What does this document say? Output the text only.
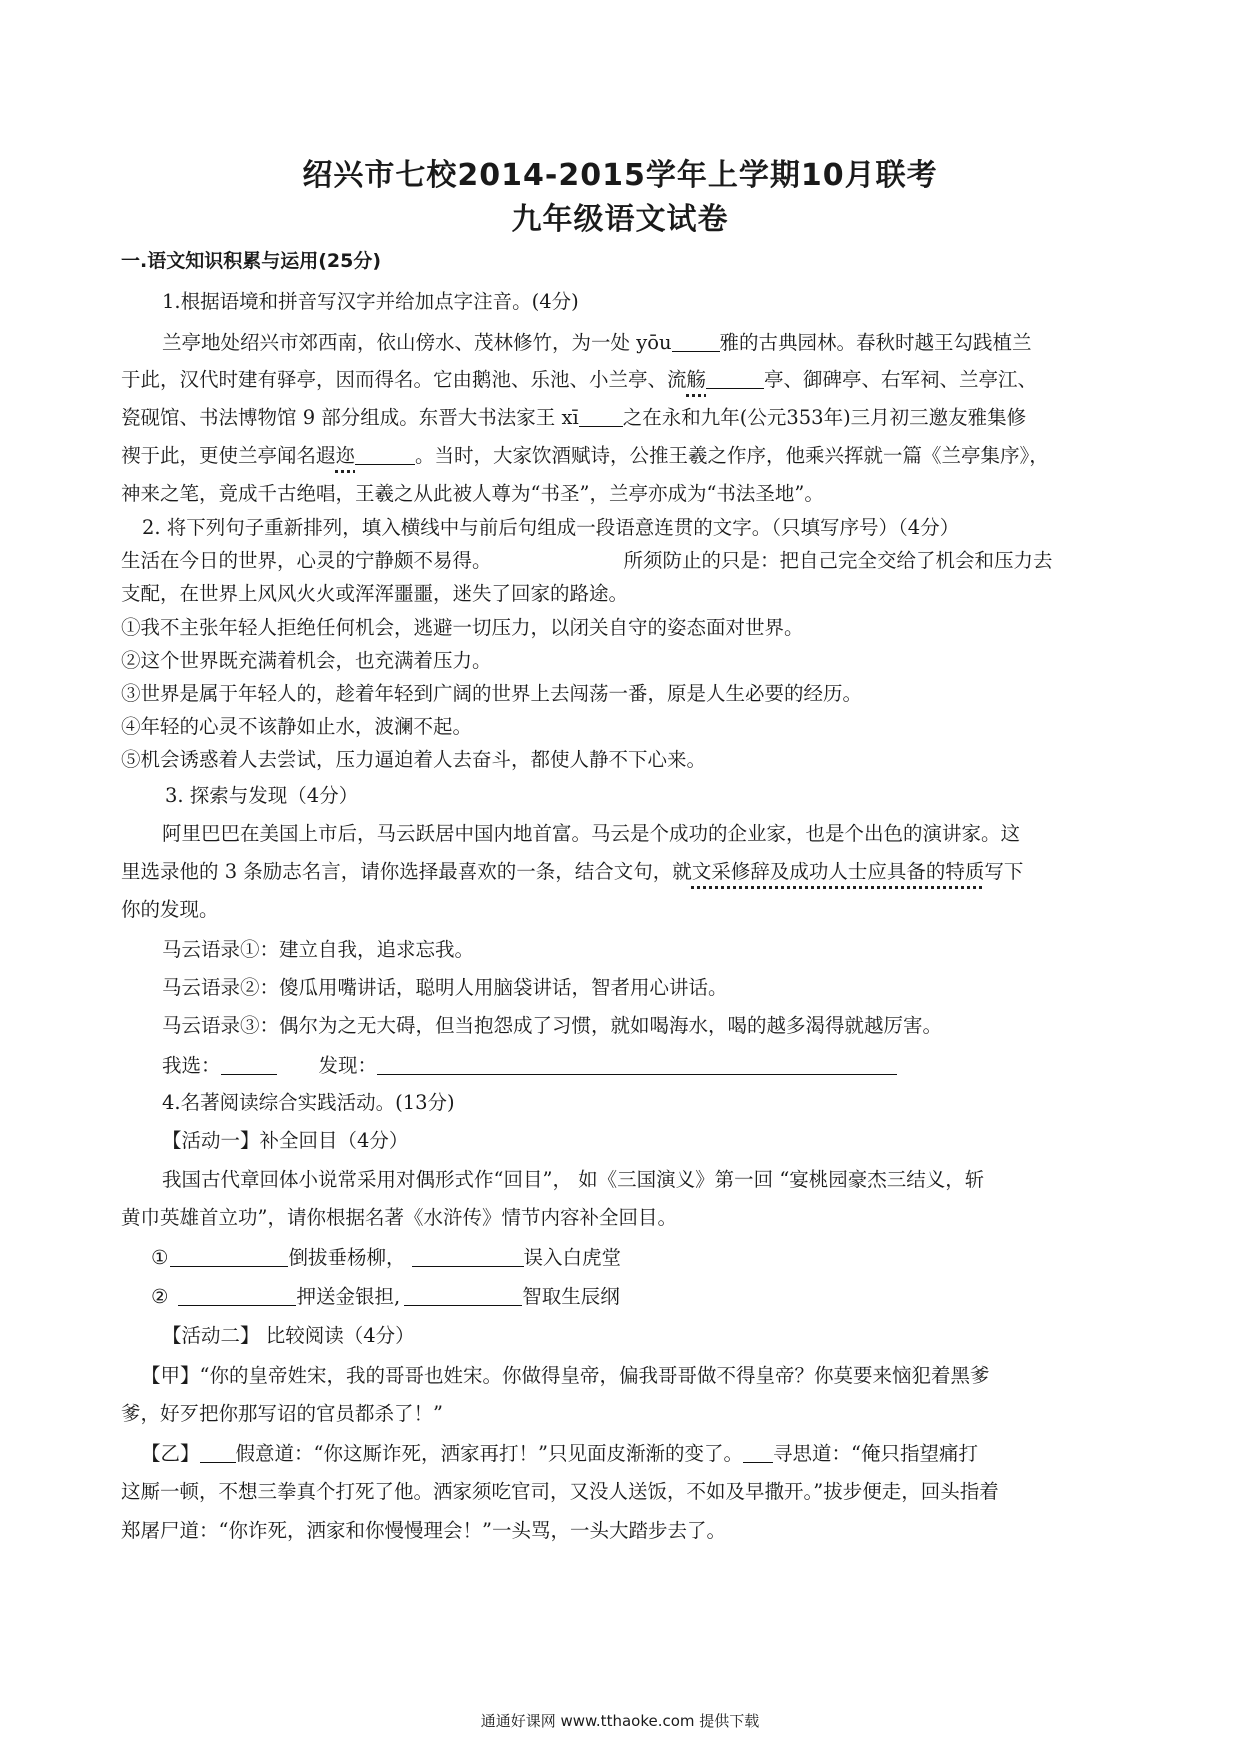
绍兴市七校2014-2015学年上学期10月联考
九年级语文试卷
一.语文知识积累与运用(25分)
1.根据语境和拼音写汉字并给加点字注音。(4分)
兰亭地处绍兴市郊西南，依山傍水、茂林修竹，为一处 yōu 雅的古典园林。春秋时越王勾践植兰
于此，汉代时建有驿亭，因而得名。它由鹅池、乐池、小兰亭、流觞	亭、御碑亭、右军祠、兰亭江、
瓷砚馆、书法博物馆 9 部分组成。东晋大书法家王 xī 之在永和九年(公元353年)三月初三邀友雅集修
禊于此，更使兰亭闻名遐迩	。当时，大家饮酒赋诗，公推王羲之作序，他乘兴挥就一篇《兰亭集序》，
神来之笔，竟成千古绝唱，王羲之从此被人尊为“书圣”，兰亭亦成为“书法圣地”。
2. 将下列句子重新排列，填入横线中与前后句组成一段语意连贯的文字。（只填写序号）（4分）
生活在今日的世界，心灵的宁静颇不易得。	所须防止的只是：把自己完全交给了机会和压力去
支配，在世界上风风火火或浑浑噩噩，迷失了回家的路途。
①我不主张年轻人拒绝任何机会，逃避一切压力，以闭关自守的姿态面对世界。
②这个世界既充满着机会，也充满着压力。
③世界是属于年轻人的，趁着年轻到广阔的世界上去闯荡一番，原是人生必要的经历。
④年轻的心灵不该静如止水，波澜不起。
⑤机会诱惑着人去尝试，压力逼迫着人去奋斗，都使人静不下心来。
3. 探索与发现（4分）
阿里巴巴在美国上市后，马云跃居中国内地首富。马云是个成功的企业家，也是个出色的演讲家。这
里选录他的 3 条励志名言，请你选择最喜欢的一条，结合文句，就文采修辞及成功人士应具备的特质写下
你的发现。
马云语录①：建立自我，追求忘我。
马云语录②：傻瓜用嘴讲话，聪明人用脑袋讲话，智者用心讲话。
马云语录③：偶尔为之无大碍，但当抱怨成了习惯，就如喝海水，喝的越多渴得就越厉害。
我选：	发现：
4.名著阅读综合实践活动。(13分)
【活动一】补全回目（4分）
我国古代章回体小说常采用对偶形式作“回目”， 如《三国演义》第一回 “宴桃园豪杰三结义，斩
黄巾英雄首立功”，请你根据名著《水浒传》情节内容补全回目。
①	倒拔垂杨柳，	误入白虎堂
②	押送金银担,	智取生辰纲
【活动二】 比较阅读（4分）
【甲】“你的皇帝姓宋，我的哥哥也姓宋。你做得皇帝，偏我哥哥做不得皇帝？你莫要来恼犯着黑爹
爹，好歹把你那写诏的官员都杀了！”
【乙】 假意道：“你这厮诈死，洒家再打！”只见面皮渐渐的变了。 寻思道：“俺只指望痛打
这厮一顿，不想三拳真个打死了他。洒家须吃官司，又没人送饭，不如及早撒开。”拔步便走，回头指着
郑屠尸道：“你诈死，洒家和你慢慢理会！”一头骂，一头大踏步去了。
通通好课网 www.tthaoke.com 提供下载
